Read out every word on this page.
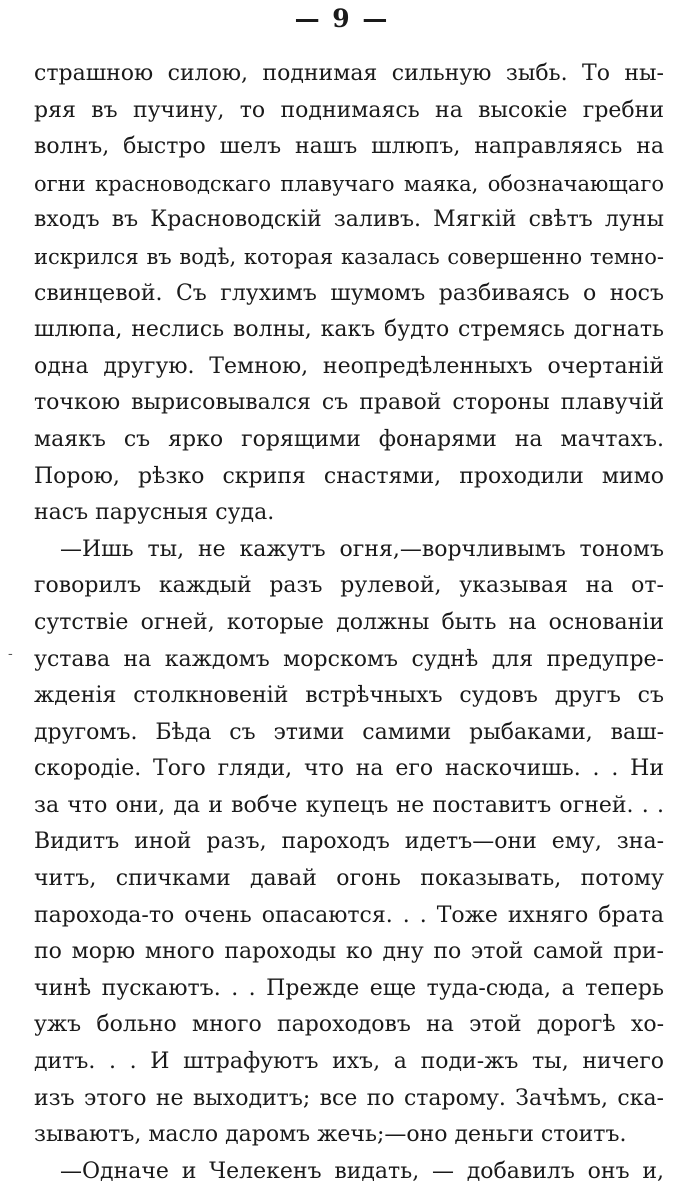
— 9 —
страшною силою, поднимая сильную зыбь. То ны-
ряя въ пучину, то поднимаясь на высокіе гребни
волнъ, быстро шелъ нашъ шлюпъ, направляясь на
огни красноводскаго плавучаго маяка, обозначающаго
входъ въ Красноводскій заливъ. Мягкій свѣтъ луны
искрился въ водѣ, которая казалась совершенно темно-
свинцевой. Съ глухимъ шумомъ разбиваясь о носъ
шлюпа, неслись волны, какъ будто стремясь догнать
одна другую. Темною, неопредѣленныхъ очертаній
точкою вырисовывался съ правой стороны плавучій
маякъ съ ярко горящими фонарями на мачтахъ.
Порою, рѣзко скрипя снастями, проходили мимо
насъ парусныя суда.
—Ишь ты, не кажутъ огня,—ворчливымъ тономъ
говорилъ каждый разъ рулевой, указывая на от-
сутствіе огней, которые должны быть на основаніи
устава на каждомъ морскомъ суднѣ для предупре-
жденія столкновеній встрѣчныхъ судовъ другъ съ
другомъ. Бѣда съ этими самими рыбаками, ваш-
скородіе. Того гляди, что на его наскочишь. . . Ни
за что они, да и вобче купецъ не поставитъ огней. . .
Видитъ иной разъ, пароходъ идетъ—они ему, зна-
читъ, спичками давай огонь показывать, потому
парохода-то очень опасаются. . . Тоже ихняго брата
по морю много пароходы ко дну по этой самой при-
чинѣ пускаютъ. . . Прежде еще туда-сюда, а теперь
ужъ больно много пароходовъ на этой дорогѣ хо-
дитъ. . . И штрафуютъ ихъ, а поди-жъ ты, ничего
изъ этого не выходитъ; все по старому. Зачѣмъ, ска-
зываютъ, масло даромъ жечь;—оно деньги стоитъ.
—Одначе и Челекенъ видать, — добавилъ онъ и,
-
